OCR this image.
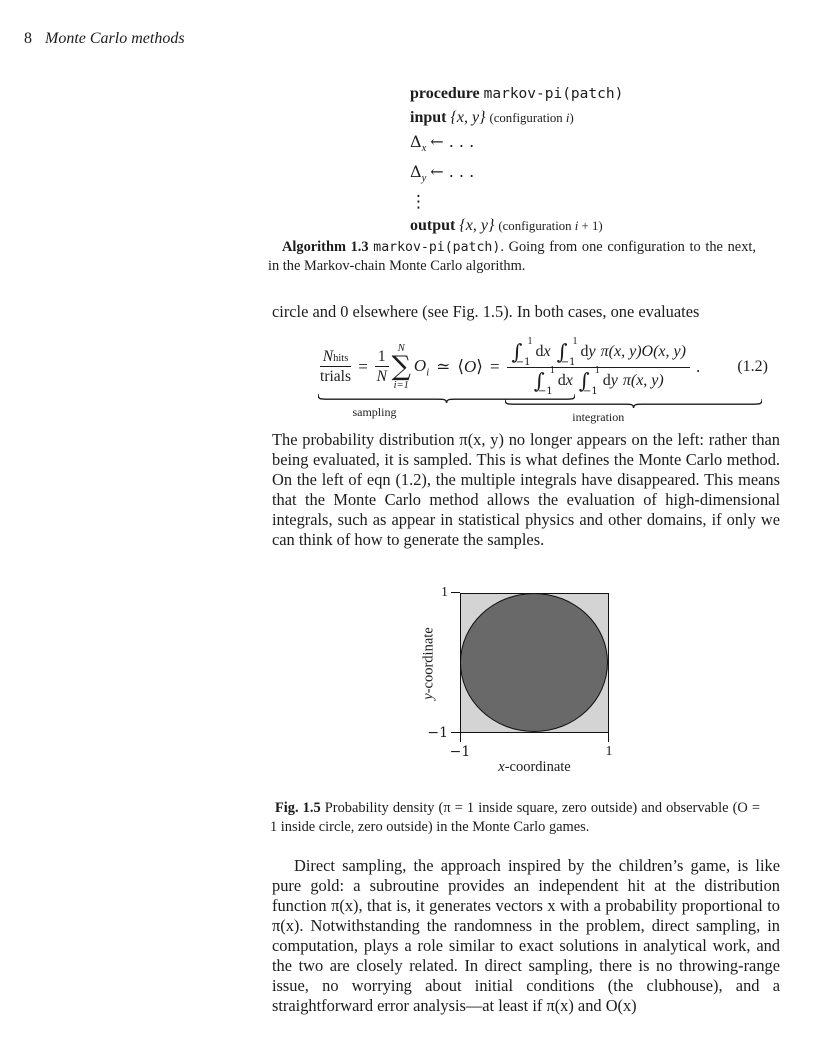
8 Monte Carlo methods
procedure markov-pi(patch)
input {x, y} (configuration i)
$\Delta_x$ ← . . .
$\Delta_y$ ← . . .
⋮
output {x, y} (configuration i + 1)
Algorithm 1.3 markov-pi(patch). Going from one configuration to the next, in the Markov-chain Monte Carlo algorithm.
circle and 0 elsewhere (see Fig. 1.5). In both cases, one evaluates
$\frac{\text{Nhits}}{\text{trials}} = \frac{1}{N}$ N
∑
i=1
$O_i$
sampling
≃ ⟨O⟩ =
∫ 1
−1
dx ∫ 1
−1
dy π(x, y) O(x, y)
∫ 1
−1
dx ∫ 1
−1
dy π(x, y)
integration
. (1.2)
The probability distribution π(x, y) no longer appears on the left: rather than being evaluated, it is sampled. This is what defines the Monte Carlo method. On the left of eqn (1.2), the multiple integrals have disappeared. This means that the Monte Carlo method allows the evaluation of high-dimensional integrals, such as appear in statistical physics and other domains, if only we can think of how to generate the samples.
1
−1
−1	1
x-coordinate
y-coordinate
Fig. 1.5 Probability density (π = 1 inside square, zero outside) and observable (O = 1 inside circle, zero outside) in the Monte Carlo games.
Direct sampling, the approach inspired by the children’s game, is like pure gold: a subroutine provides an independent hit at the distribution function π(x), that is, it generates vectors x with a probability proportional to π(x). Notwithstanding the randomness in the problem, direct sampling, in computation, plays a role similar to exact solutions in analytical work, and the two are closely related. In direct sampling, there is no throwing-range issue, no worrying about initial conditions (the clubhouse), and a straightforward error analysis—at least if π(x) and O(x)
